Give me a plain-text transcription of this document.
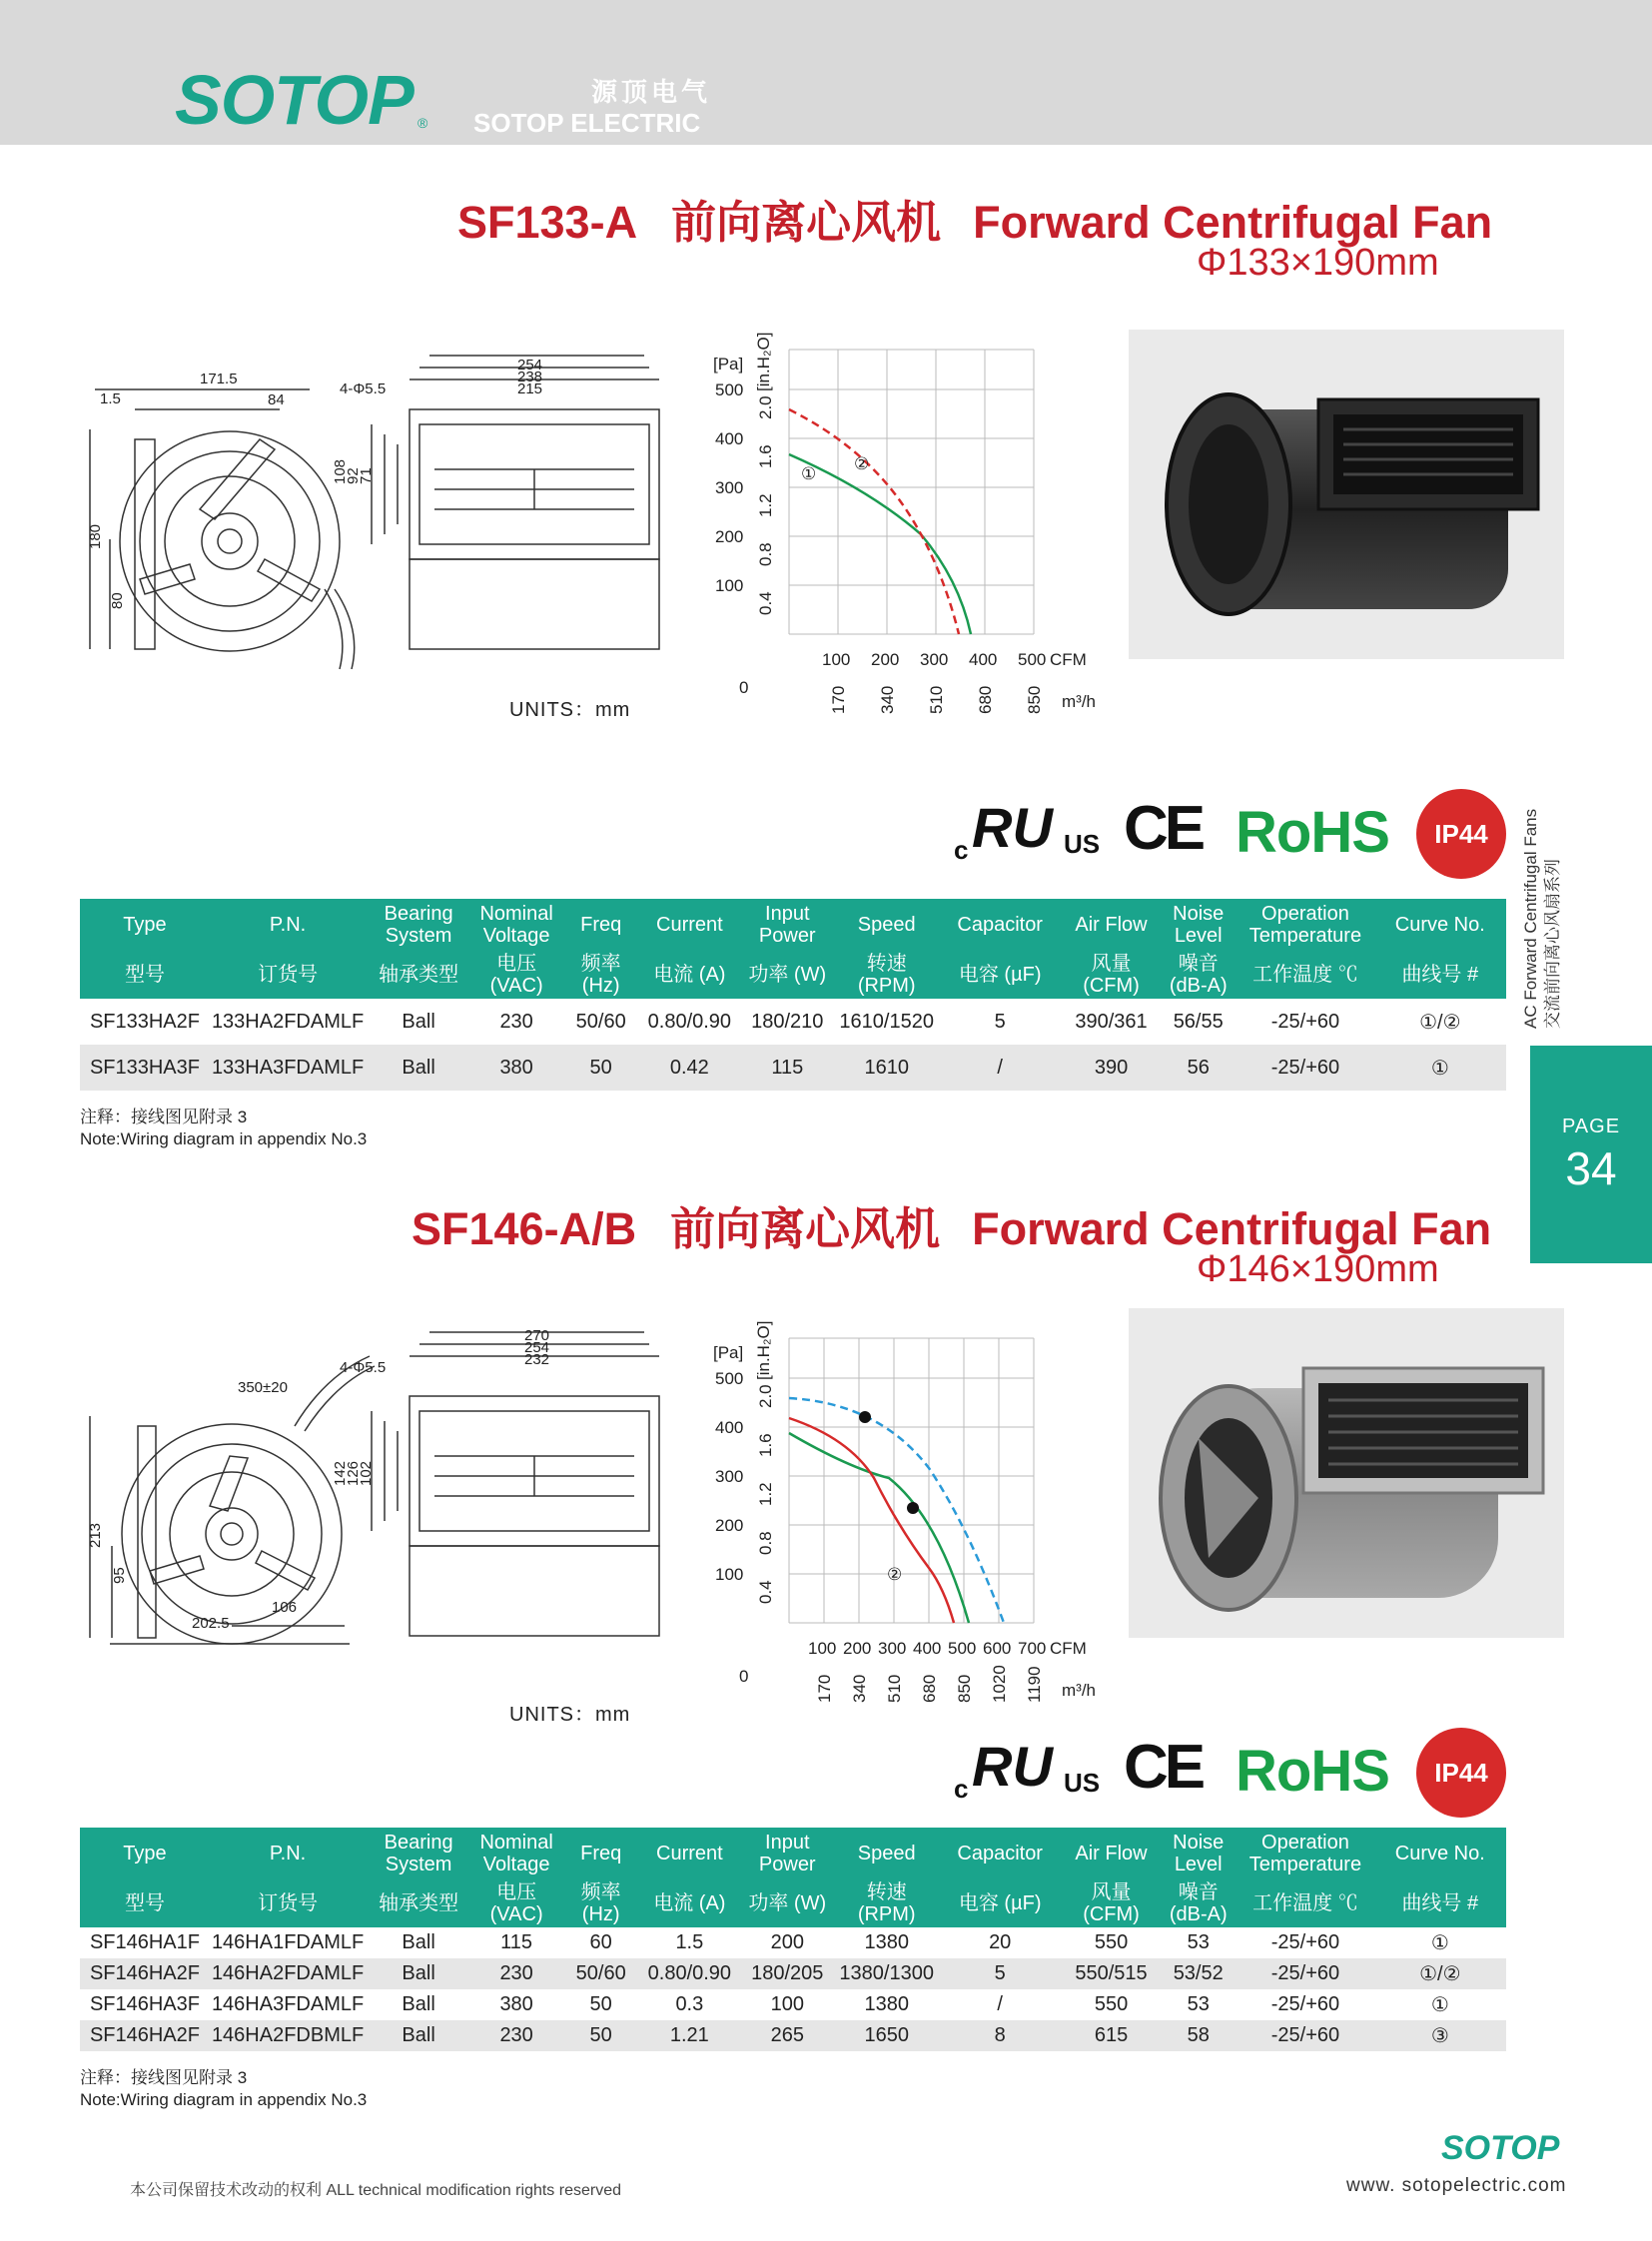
SOTOP ®
源顶电气
SOTOP ELECTRIC
SF133-A 前向离心风机 Forward Centrifugal Fan
Φ133×190mm
171.5
1.5	84
4-Φ5.5
254
238
215
108
92
71
180
80
UNITS：mm
[Pa] [in.H₂O]
500
400
300
200
100
2.0
1.6
1.2
0.8
0.4
0
100 200 300 400 500 CFM
170 340 510 680 850 m³/h
①
②
c RU US CE RoHS	IP44
Type	P.N.	Bearing System	Nominal Voltage	Freq	Current	Input Power	Speed	Capacitor	Air Flow	Noise Level	Operation Temperature	Curve No.
型号	订货号	轴承类型	电压 (VAC)	频率 (Hz)	电流 (A)	功率 (W)	转速 (RPM)	电容 (µF)	风量 (CFM)	噪音 (dB-A)	工作温度 ℃	曲线号 #
SF133HA2F	133HA2FDAMLF	Ball	230	50/60	0.80/0.90	180/210	1610/1520	5	390/361	56/55	-25/+60	①/②
SF133HA3F	133HA3FDAMLF	Ball	380	50	0.42	115	1610	/	390	56	-25/+60	①
注释：接线图见附录 3
Note:Wiring diagram in appendix No.3
AC Forward Centrifugal Fans 交流前向离心风扇系列
PAGE
34
SF146-A/B 前向离心风机 Forward Centrifugal Fan
Φ146×190mm
350±20
4-Φ5.5
270
254
232
142
126
102
213
95
202.5
106
UNITS：mm
[Pa] [in.H₂O]
500
400
300
200
100
2.0
1.6
1.2
0.8
0.4
0
100 200 300 400 500 600 700 CFM
170 340 510 680 850 1020 1190 m³/h
②
c RU US CE RoHS	IP44
Type	P.N.	Bearing System	Nominal Voltage	Freq	Current	Input Power	Speed	Capacitor	Air Flow	Noise Level	Operation Temperature	Curve No.
型号	订货号	轴承类型	电压 (VAC)	频率 (Hz)	电流 (A)	功率 (W)	转速 (RPM)	电容 (µF)	风量 (CFM)	噪音 (dB-A)	工作温度 ℃	曲线号 #
SF146HA1F	146HA1FDAMLF	Ball	115	60	1.5	200	1380	20	550	53	-25/+60	①
SF146HA2F	146HA2FDAMLF	Ball	230	50/60	0.80/0.90	180/205	1380/1300	5	550/515	53/52	-25/+60	①/②
SF146HA3F	146HA3FDAMLF	Ball	380	50	0.3	100	1380	/	550	53	-25/+60	①
SF146HA2F	146HA2FDBMLF	Ball	230	50	1.21	265	1650	8	615	58	-25/+60	③
注释：接线图见附录 3
Note:Wiring diagram in appendix No.3
本公司保留技术改动的权利 ALL technical modification rights reserved
SOTOP
www. sotopelectric.com
